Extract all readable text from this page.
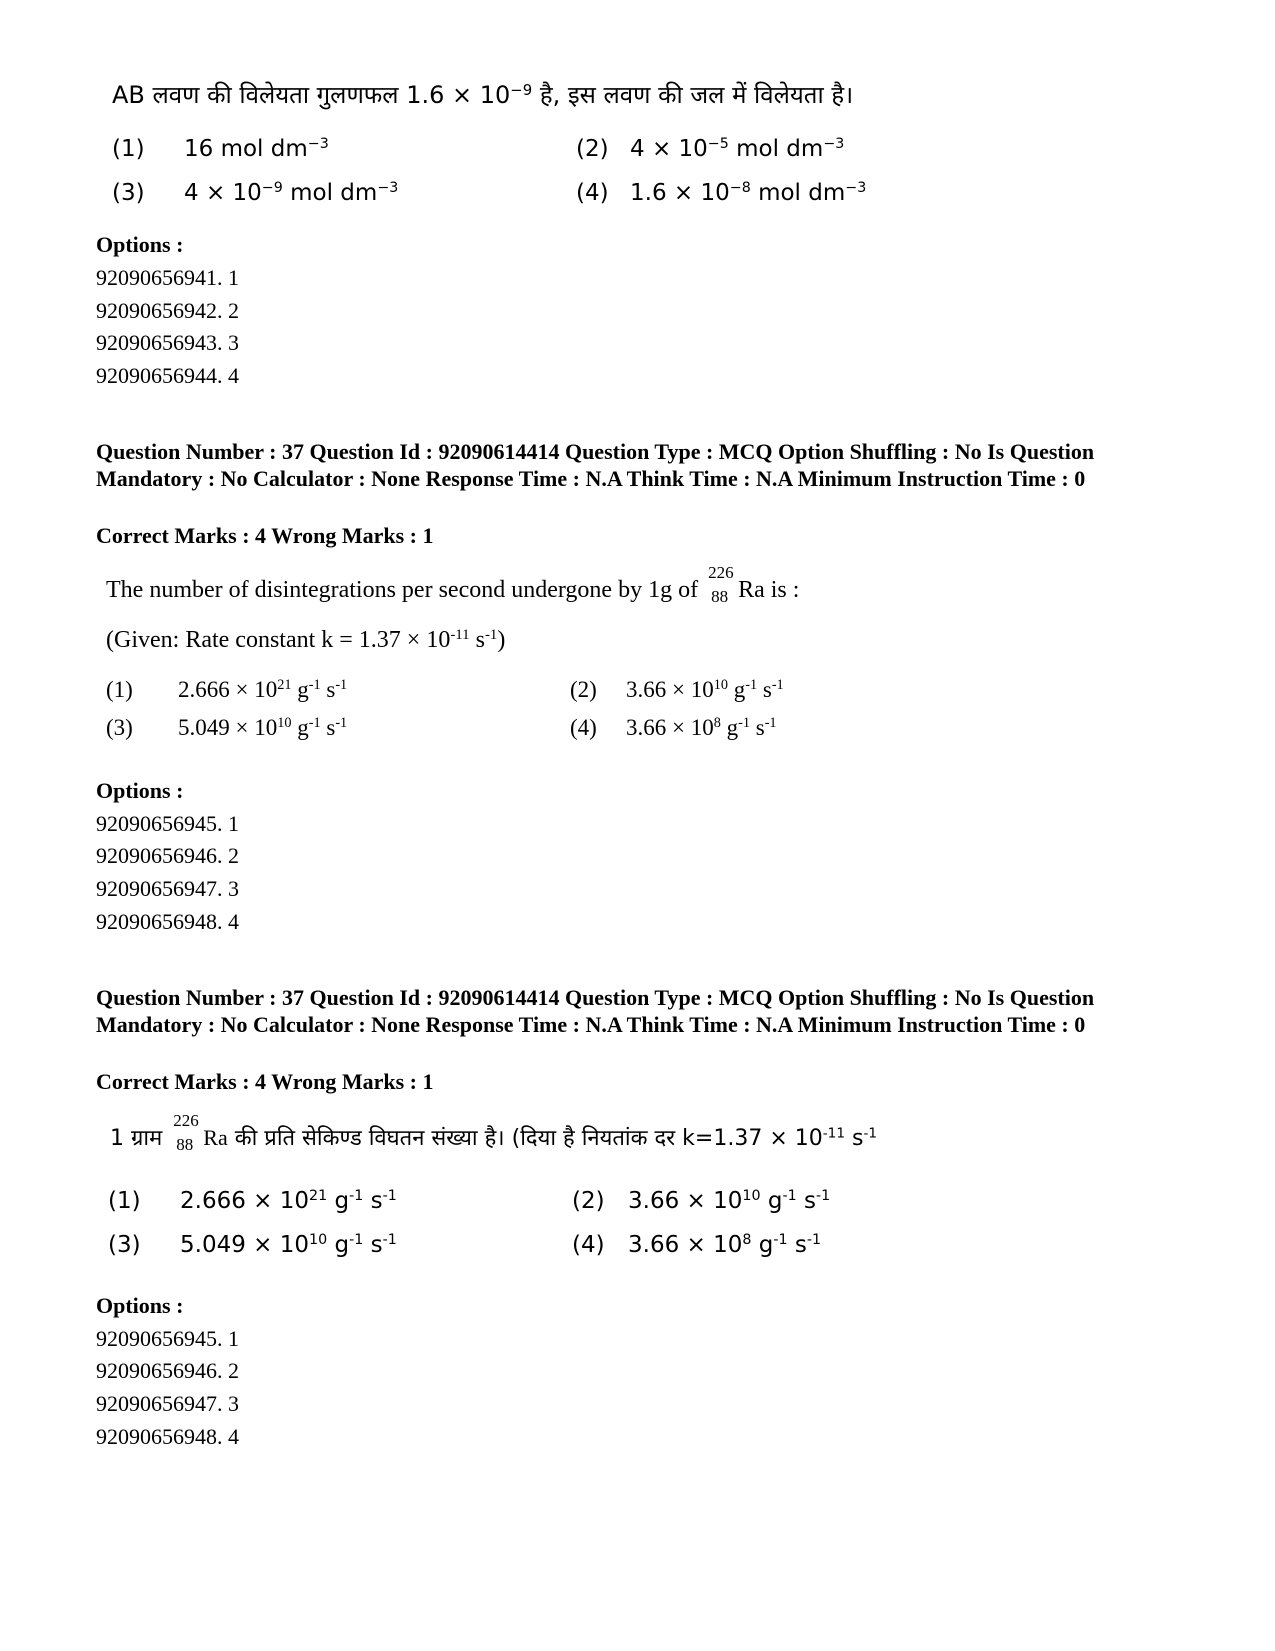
AB लवण की विलेयता गुलणफल $1.6 \times 10^{-9}$ है, इस लवण की जल में विलेयता है।
(1) 16 mol $dm^{-3}$	(2) $4 \times 10^{-5}$ mol $dm^{-3}$
(3) $4 \times 10^{-9}$ mol $dm^{-3}$	(4) $1.6 \times 10^{-8}$ mol $dm^{-3}$
Options :
92090656941. 1
92090656942. 2
92090656943. 3
92090656944. 4
Question Number : 37 Question Id : 92090614414 Question Type : MCQ Option Shuffling : No Is Question Mandatory : No Calculator : None Response Time : N.A Think Time : N.A Minimum Instruction Time : 0
Correct Marks : 4 Wrong Marks : 1
The number of disintegrations per second undergone by 1g of
226
88 Ra is :
(Given: Rate constant $k = 1.37 \times 10^{-11}$ $s^{-1}$)
(1) $2.666 \times 10^{21}$ $g^{-1}$ $s^{-1}$	(2) $3.66 \times 10^{10}$ $g^{-1}$ $s^{-1}$
(3) $5.049 \times 10^{10}$ $g^{-1}$ $s^{-1}$	(4) $3.66 \times 10^8$ $g^{-1}$ $s^{-1}$
Options :
92090656945. 1
92090656946. 2
92090656947. 3
92090656948. 4
Question Number : 37 Question Id : 92090614414 Question Type : MCQ Option Shuffling : No Is Question Mandatory : No Calculator : None Response Time : N.A Think Time : N.A Minimum Instruction Time : 0
Correct Marks : 4 Wrong Marks : 1
1 ग्राम
226
88 Ra की प्रति सेकिण्ड विघतन संख्या है। (दिया है नियतांक दर $k=1.37 \times 10^{-11}$ $s^{-1}$
(1) $2.666 \times 10^{21}$ $g^{-1}$ $s^{-1}$	(2) $3.66 \times 10^{10}$ $g^{-1}$ $s^{-1}$
(3) $5.049 \times 10^{10}$ $g^{-1}$ $s^{-1}$	(4) $3.66 \times 10^8$ $g^{-1}$ $s^{-1}$
Options :
92090656945. 1
92090656946. 2
92090656947. 3
92090656948. 4
